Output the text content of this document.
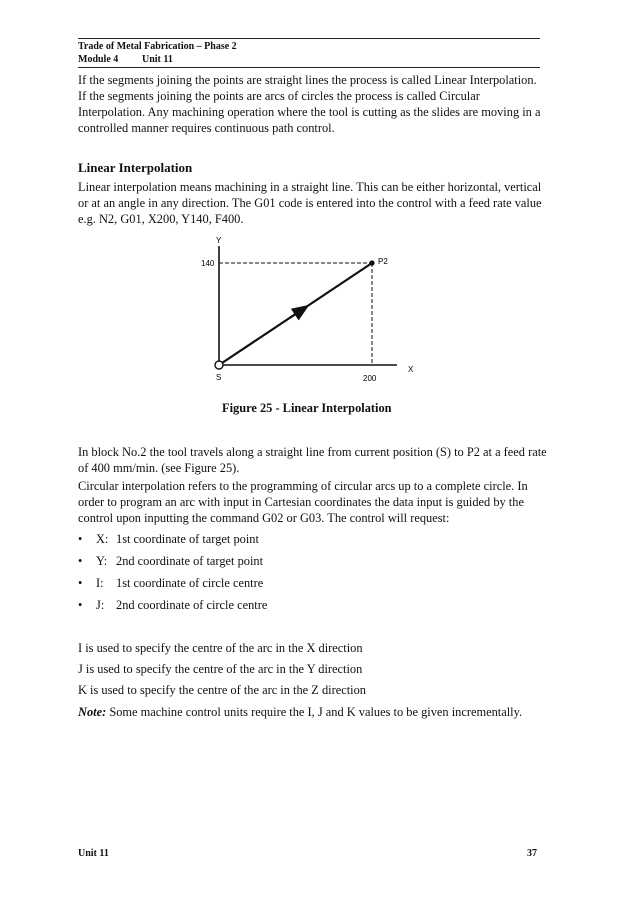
Trade of Metal Fabrication – Phase 2
Module 4 Unit 11
If the segments joining the points are straight lines the process is called Linear Interpolation. If the segments joining the points are arcs of circles the process is called Circular Interpolation. Any machining operation where the tool is cutting as the slides are moving in a controlled manner requires continuous path control.
Linear Interpolation
Linear interpolation means machining in a straight line. This can be either horizontal, vertical or at an angle in any direction. The G01 code is entered into the control with a feed rate value e.g. N2, G01, X200, Y140, F400.
Y
X
140
200
S
P2
Figure 25 - Linear Interpolation
In block No.2 the tool travels along a straight line from current position (S) to P2 at a feed rate of 400 mm/min. (see Figure 25).
Circular interpolation refers to the programming of circular arcs up to a complete circle. In order to program an arc with input in Cartesian coordinates the data input is guided by the control upon inputting the command G02 or G03. The control will request:
• X: 1st coordinate of target point
• Y: 2nd coordinate of target point
• I: 1st coordinate of circle centre
• J: 2nd coordinate of circle centre
I is used to specify the centre of the arc in the X direction
J is used to specify the centre of the arc in the Y direction
K is used to specify the centre of the arc in the Z direction
Note: Some machine control units require the I, J and K values to be given incrementally.
Unit 11	37
